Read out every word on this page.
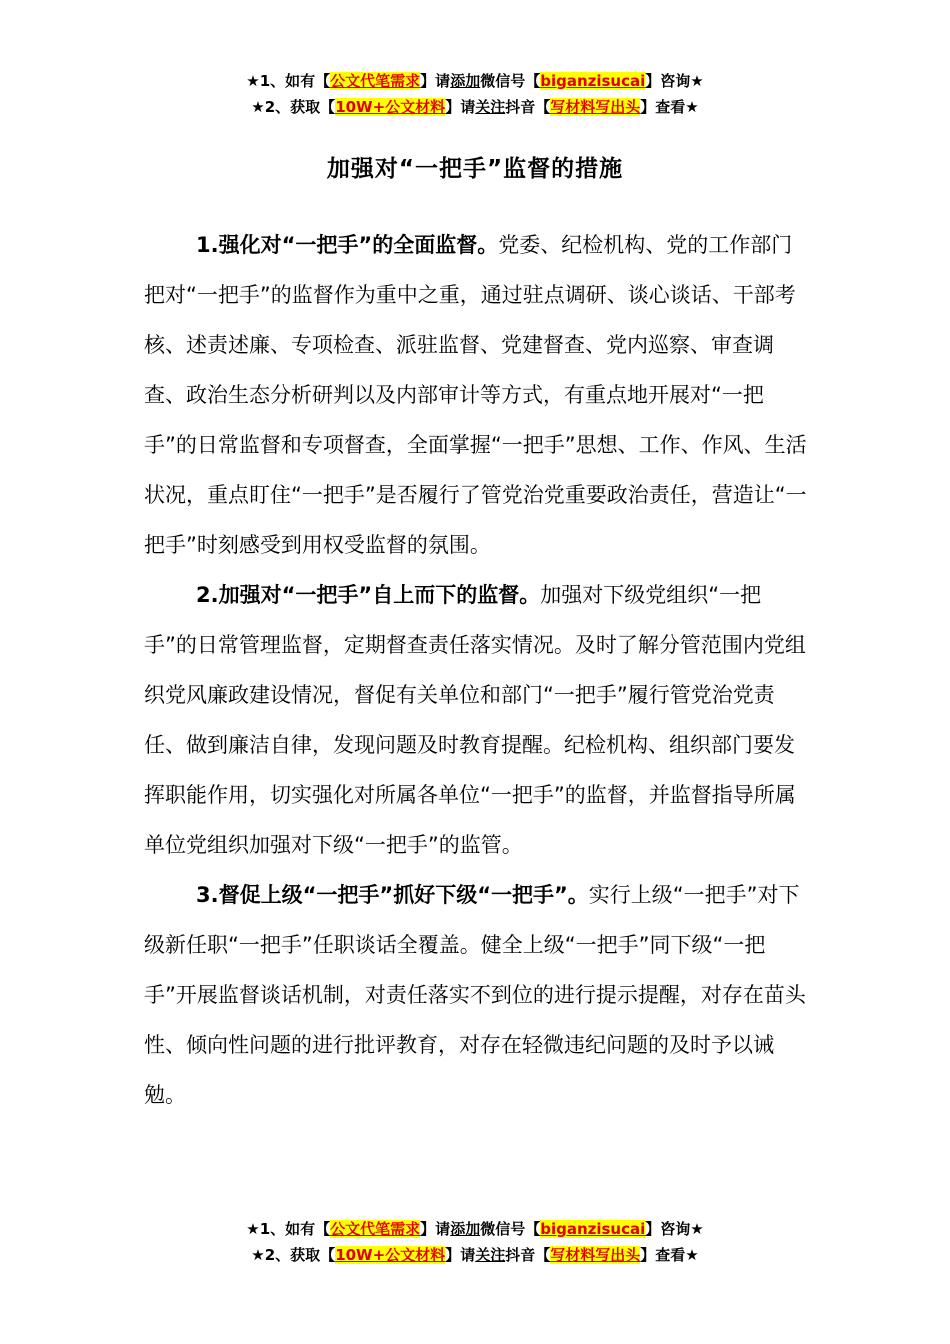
★1、如有【公文代笔需求】请添加微信号【biganzisucai】咨询★
★2、获取【10W+公文材料】请关注抖音【写材料写出头】查看★
加强对“一把手”监督的措施

1.强化对“一把手”的全面监督。党委、纪检机构、党的工作部门把对“一把手”的监督作为重中之重，通过驻点调研、谈心谈话、干部考核、述责述廉、专项检查、派驻监督、党建督查、党内巡察、审查调查、政治生态分析研判以及内部审计等方式，有重点地开展对“一把手”的日常监督和专项督查，全面掌握“一把手”思想、工作、作风、生活状况，重点盯住“一把手”是否履行了管党治党重要政治责任，营造让“一把手”时刻感受到用权受监督的氛围。

2.加强对“一把手”自上而下的监督。加强对下级党组织“一把手”的日常管理监督，定期督查责任落实情况。及时了解分管范围内党组织党风廉政建设情况，督促有关单位和部门“一把手”履行管党治党责任、做到廉洁自律，发现问题及时教育提醒。纪检机构、组织部门要发挥职能作用，切实强化对所属各单位“一把手”的监督，并监督指导所属单位党组织加强对下级“一把手”的监管。

3.督促上级“一把手”抓好下级“一把手”。实行上级“一把手”对下级新任职“一把手”任职谈话全覆盖。健全上级“一把手”同下级“一把手”开展监督谈话机制，对责任落实不到位的进行提示提醒，对存在苗头性、倾向性问题的进行批评教育，对存在轻微违纪问题的及时予以诫勉。

★1、如有【公文代笔需求】请添加微信号【biganzisucai】咨询★
★2、获取【10W+公文材料】请关注抖音【写材料写出头】查看★
